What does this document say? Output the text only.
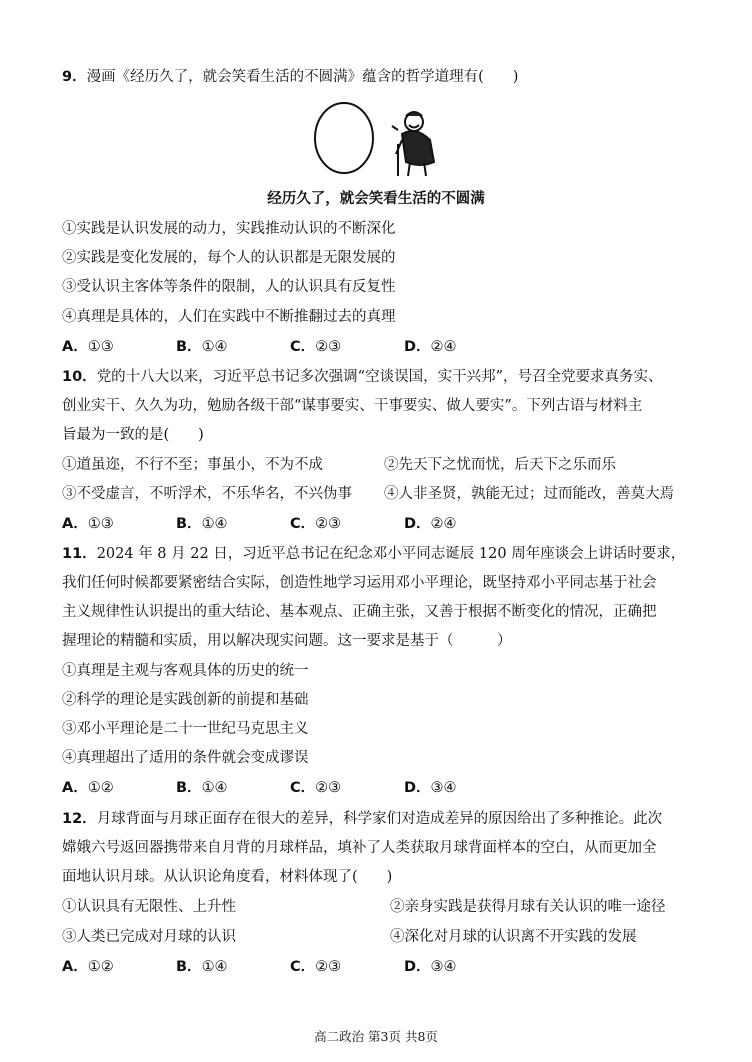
9．漫画《经历久了，就会笑看生活的不圆满》蕴含的哲学道理有(　　)
经历久了，就会笑看生活的不圆满
①实践是认识发展的动力，实践推动认识的不断深化
②实践是变化发展的，每个人的认识都是无限发展的
③受认识主客体等条件的限制，人的认识具有反复性
④真理是具体的，人们在实践中不断推翻过去的真理
A．①③	B．①④	C．②③	D．②④
10．党的十八大以来，习近平总书记多次强调“空谈误国，实干兴邦”，号召全党要求真务实、
创业实干、久久为功，勉励各级干部“谋事要实、干事要实、做人要实”。下列古语与材料主
旨最为一致的是(　　)
①道虽迩，不行不至；事虽小，不为不成	②先天下之忧而忧，后天下之乐而乐
③不受虚言，不听浮术，不乐华名，不兴伪事 ④人非圣贤，孰能无过；过而能改，善莫大焉
A．①③	B．①④	C．②③	D．②④
11．2024 年 8 月 22 日，习近平总书记在纪念邓小平同志诞辰 120 周年座谈会上讲话时要求，
我们任何时候都要紧密结合实际，创造性地学习运用邓小平理论，既坚持邓小平同志基于社会
主义规律性认识提出的重大结论、基本观点、正确主张，又善于根据不断变化的情况，正确把
握理论的精髓和实质，用以解决现实问题。这一要求是基于（　　　）
①真理是主观与客观具体的历史的统一
②科学的理论是实践创新的前提和基础
③邓小平理论是二十一世纪马克思主义
④真理超出了适用的条件就会变成谬误
A．①②	B．①④	C．②③	D．③④
12．月球背面与月球正面存在很大的差异，科学家们对造成差异的原因给出了多种推论。此次
嫦娥六号返回器携带来自月背的月球样品，填补了人类获取月球背面样本的空白，从而更加全
面地认识月球。从认识论角度看，材料体现了(　　)
①认识具有无限性、上升性	②亲身实践是获得月球有关认识的唯一途径
③人类已完成对月球的认识	④深化对月球的认识离不开实践的发展
A．①②	B．①④	C．②③	D．③④
高二政治 第3页 共8页
